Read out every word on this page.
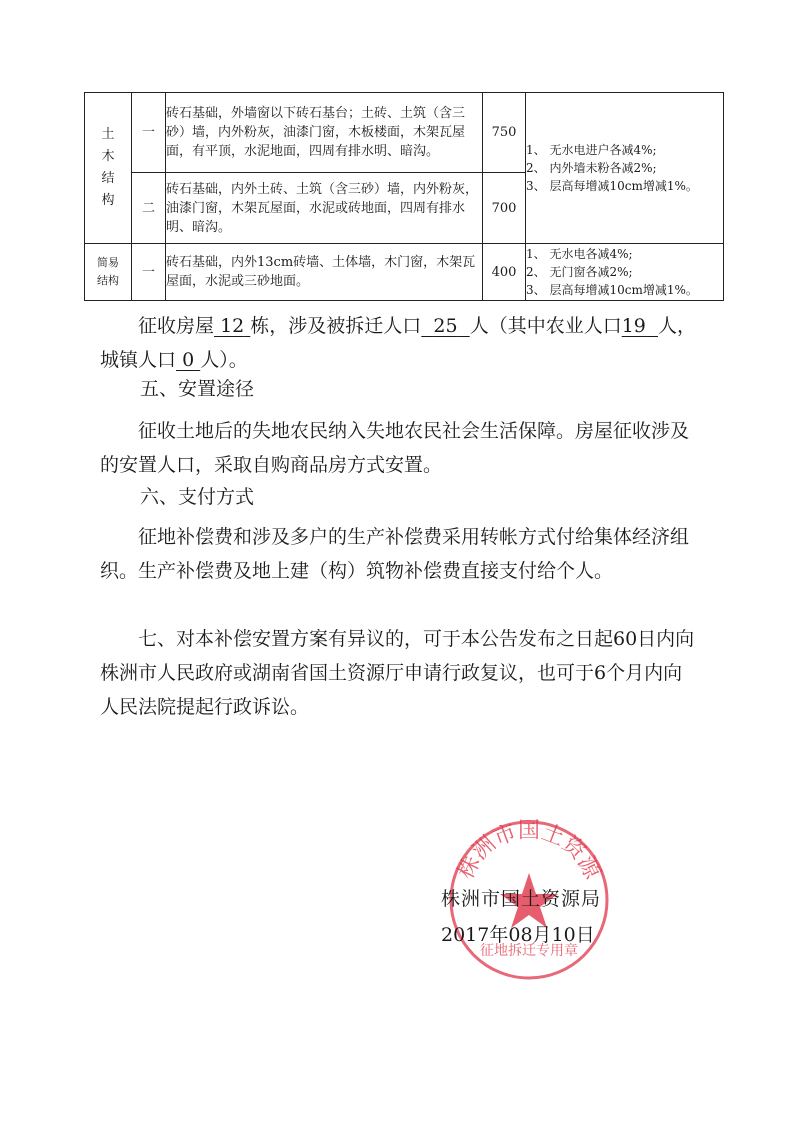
土木结构	一	砖石基础，外墙窗以下砖石基台；土砖、土筑（含三砂）墙，内外粉灰，油漆门窗，木板楼面，木架瓦屋面，有平顶，水泥地面，四周有排水明、暗沟。	750	1、 无水电进户各减4%;
2、 内外墙未粉各减2%;
3、 层高每增减10cm增减1%。

	二	砖石基础，内外土砖、土筑（含三砂）墙，内外粉灰，油漆门窗，木架瓦屋面，水泥或砖地面，四周有排水明、暗沟。	700	
简易结构	一	砖石基础，内外13cm砖墙、土体墙，木门窗，木架瓦屋面，水泥或三砂地面。	400	1、 无水电各减4%;
2、 无门窗各减2%;
3、 层高每增减10cm增减1%。

征收房屋 12 栋，涉及被拆迁人口 25 人（其中农业人口19 人，城镇人口 0 人）。

五、安置途径

征收土地后的失地农民纳入失地农民社会生活保障。房屋征收涉及的安置人口，采取自购商品房方式安置。

六、支付方式

征地补偿费和涉及多户的生产补偿费采用转帐方式付给集体经济组织。生产补偿费及地上建（构）筑物补偿费直接支付给个人。

七、对本补偿安置方案有异议的，可于本公告发布之日起60日内向株洲市人民政府或湖南省国土资源厅申请行政复议，也可于6个月内向人民法院提起行政诉讼。

株洲市国土资源
征地拆迁专用章
株洲市国土资源局
2017年08月10日
